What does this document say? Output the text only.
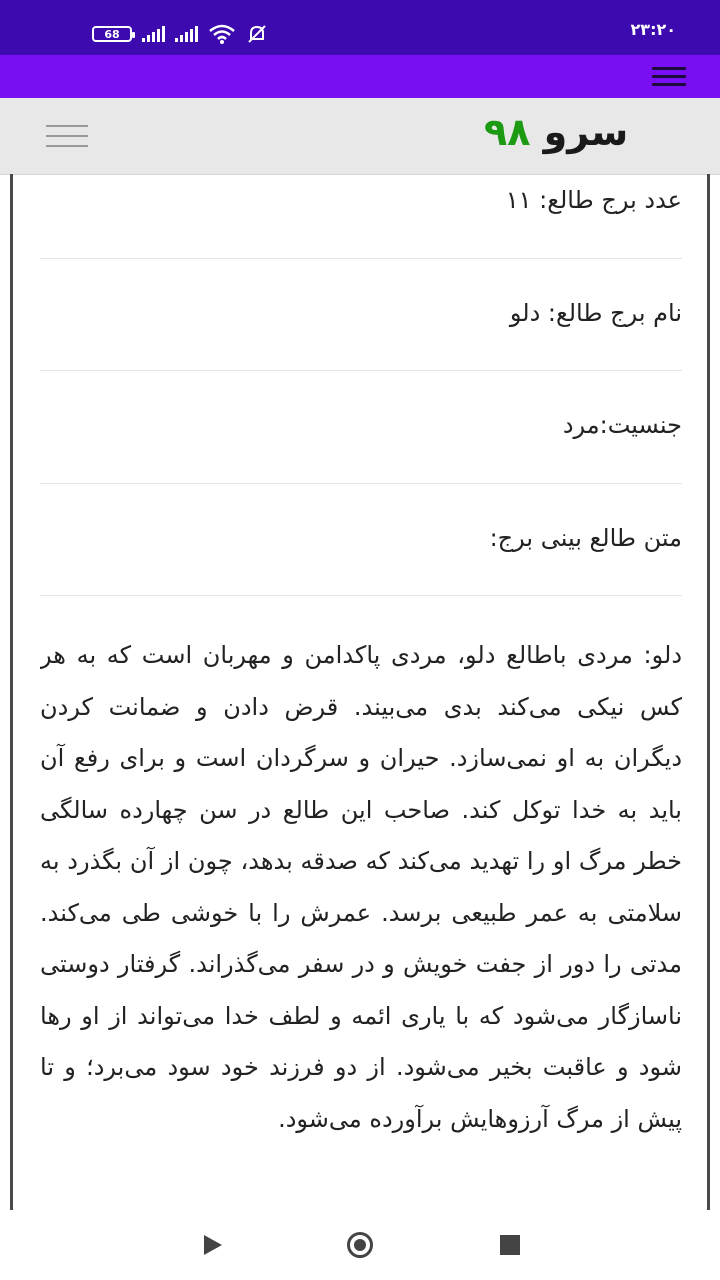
68	۲۳:۲۰
سرو ۹۸
عدد برج طالع: ۱۱
نام برج طالع: دلو
جنسیت:مرد
متن طالع بینی برج:
دلو: مردی باطالع دلو، مردی پاکدامن و مهربان است که به هر کس نیکی می‌کند بدی می‌بیند. قرض دادن و ضمانت کردن دیگران به او نمی‌سازد. حیران و سرگردان است و برای رفع آن باید به خدا توکل کند. صاحب این طالع در سن چهارده سالگی خطر مرگ او را تهدید می‌کند که صدقه بدهد، چون از آن بگذرد به سلامتی به عمر طبیعی برسد. عمرش را با خوشی طی می‌کند. مدتی را دور از جفت خویش و در سفر می‌گذراند. گرفتار دوستی ناسازگار می‌شود که با یاری ائمه و لطف خدا می‌تواند از او رها شود و عاقبت بخیر می‌شود. از دو فرزند خود سود می‌برد؛ و تا پیش از مرگ آرزوهایش برآورده می‌شود.
